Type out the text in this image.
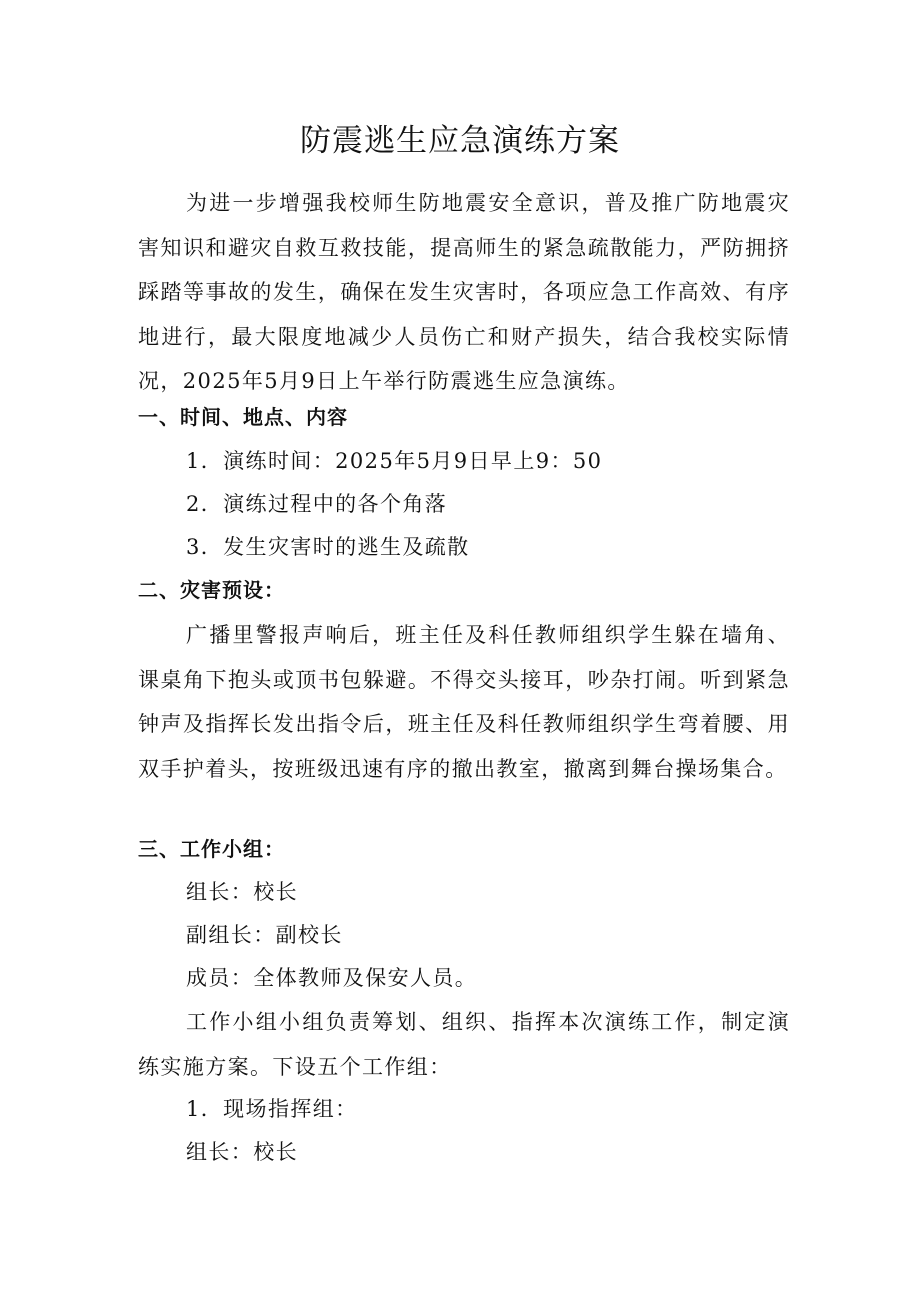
防震逃生应急演练方案
为进一步增强我校师生防地震安全意识，普及推广防地震灾害知识和避灾自救互救技能，提高师生的紧急疏散能力，严防拥挤踩踏等事故的发生，确保在发生灾害时，各项应急工作高效、有序地进行，最大限度地减少人员伤亡和财产损失，结合我校实际情况，2025年5月9日上午举行防震逃生应急演练。
一、时间、地点、内容
1．演练时间：2025年5月9日早上9：50
2．演练过程中的各个角落
3．发生灾害时的逃生及疏散
二、灾害预设：
广播里警报声响后，班主任及科任教师组织学生躲在墙角、课桌角下抱头或顶书包躲避。不得交头接耳，吵杂打闹。听到紧急钟声及指挥长发出指令后，班主任及科任教师组织学生弯着腰、用双手护着头，按班级迅速有序的撤出教室，撤离到舞台操场集合。
三、工作小组：
组长：校长
副组长：副校长
成员：全体教师及保安人员。
工作小组小组负责筹划、组织、指挥本次演练工作，制定演练实施方案。下设五个工作组：
1．现场指挥组：
组长：校长
